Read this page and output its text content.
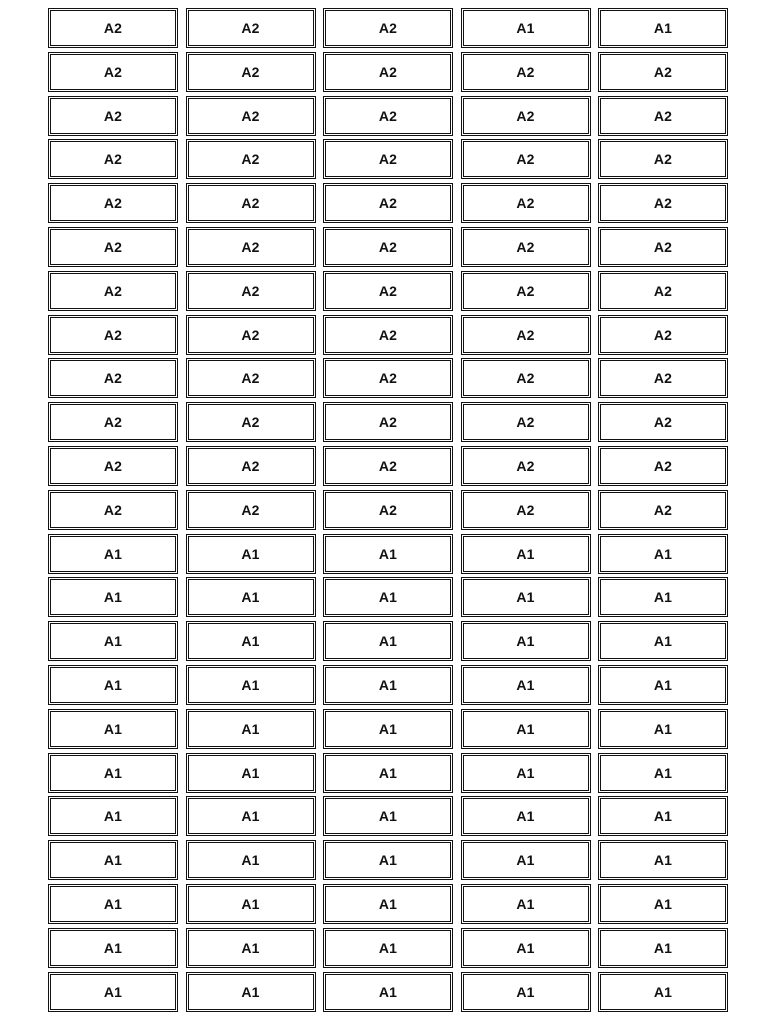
A2	A2	A2	A1	A1
A2	A2	A2	A2	A2
A2	A2	A2	A2	A2
A2	A2	A2	A2	A2
A2	A2	A2	A2	A2
A2	A2	A2	A2	A2
A2	A2	A2	A2	A2
A2	A2	A2	A2	A2
A2	A2	A2	A2	A2
A2	A2	A2	A2	A2
A2	A2	A2	A2	A2
A2	A2	A2	A2	A2
A1	A1	A1	A1	A1
A1	A1	A1	A1	A1
A1	A1	A1	A1	A1
A1	A1	A1	A1	A1
A1	A1	A1	A1	A1
A1	A1	A1	A1	A1
A1	A1	A1	A1	A1
A1	A1	A1	A1	A1
A1	A1	A1	A1	A1
A1	A1	A1	A1	A1
A1	A1	A1	A1	A1
